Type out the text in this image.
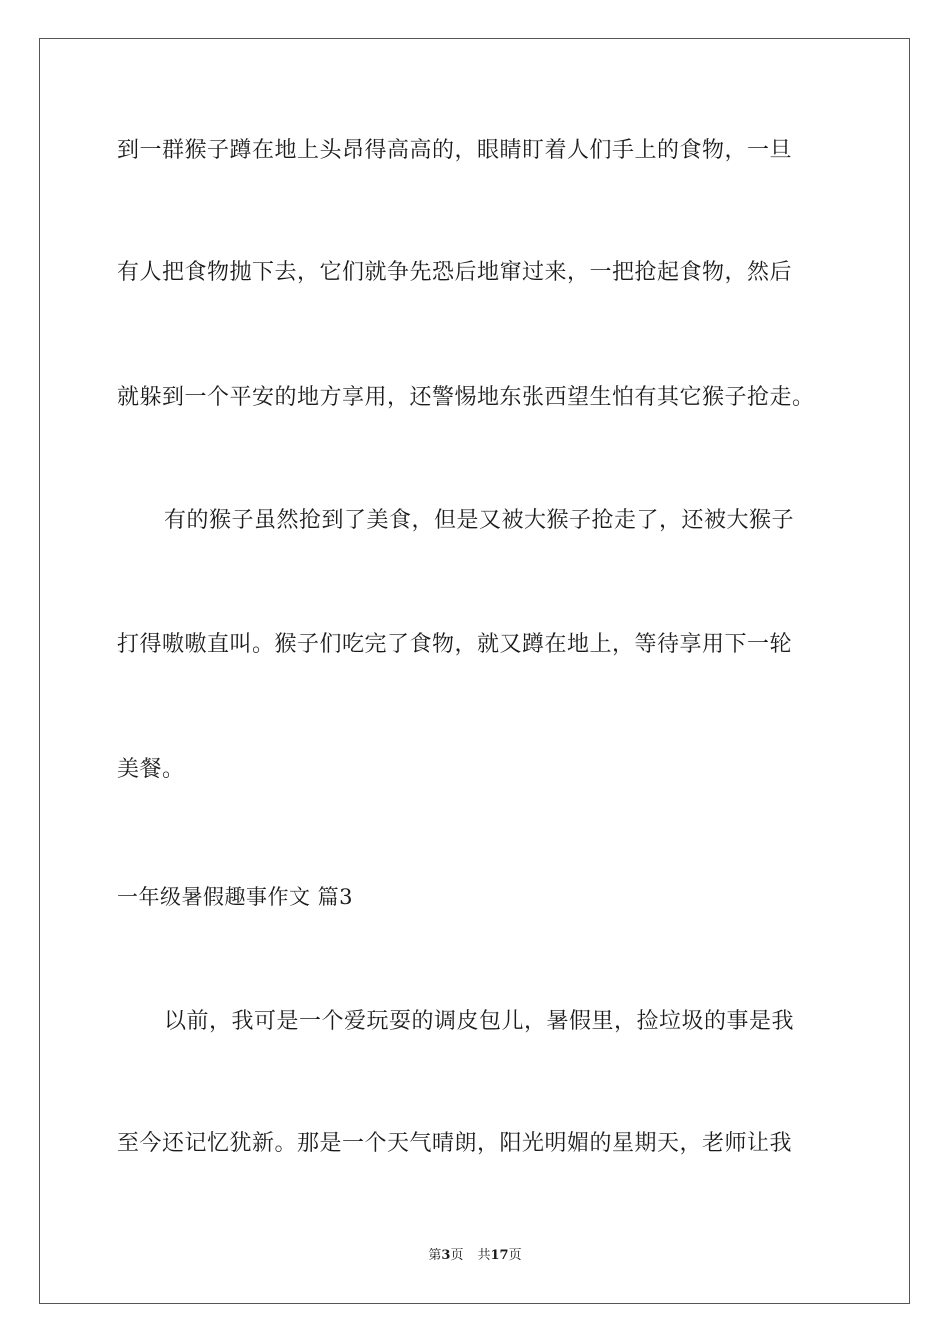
到一群猴子蹲在地上头昂得高高的，眼睛盯着人们手上的食物，一旦
有人把食物抛下去，它们就争先恐后地窜过来，一把抢起食物，然后
就躲到一个平安的地方享用，还警惕地东张西望生怕有其它猴子抢走。
有的猴子虽然抢到了美食，但是又被大猴子抢走了，还被大猴子
打得嗷嗷直叫。猴子们吃完了食物，就又蹲在地上，等待享用下一轮
美餐。
一年级暑假趣事作文 篇3
以前，我可是一个爱玩耍的调皮包儿，暑假里，捡垃圾的事是我
至今还记忆犹新。那是一个天气晴朗，阳光明媚的星期天，老师让我
第3页 共17页
